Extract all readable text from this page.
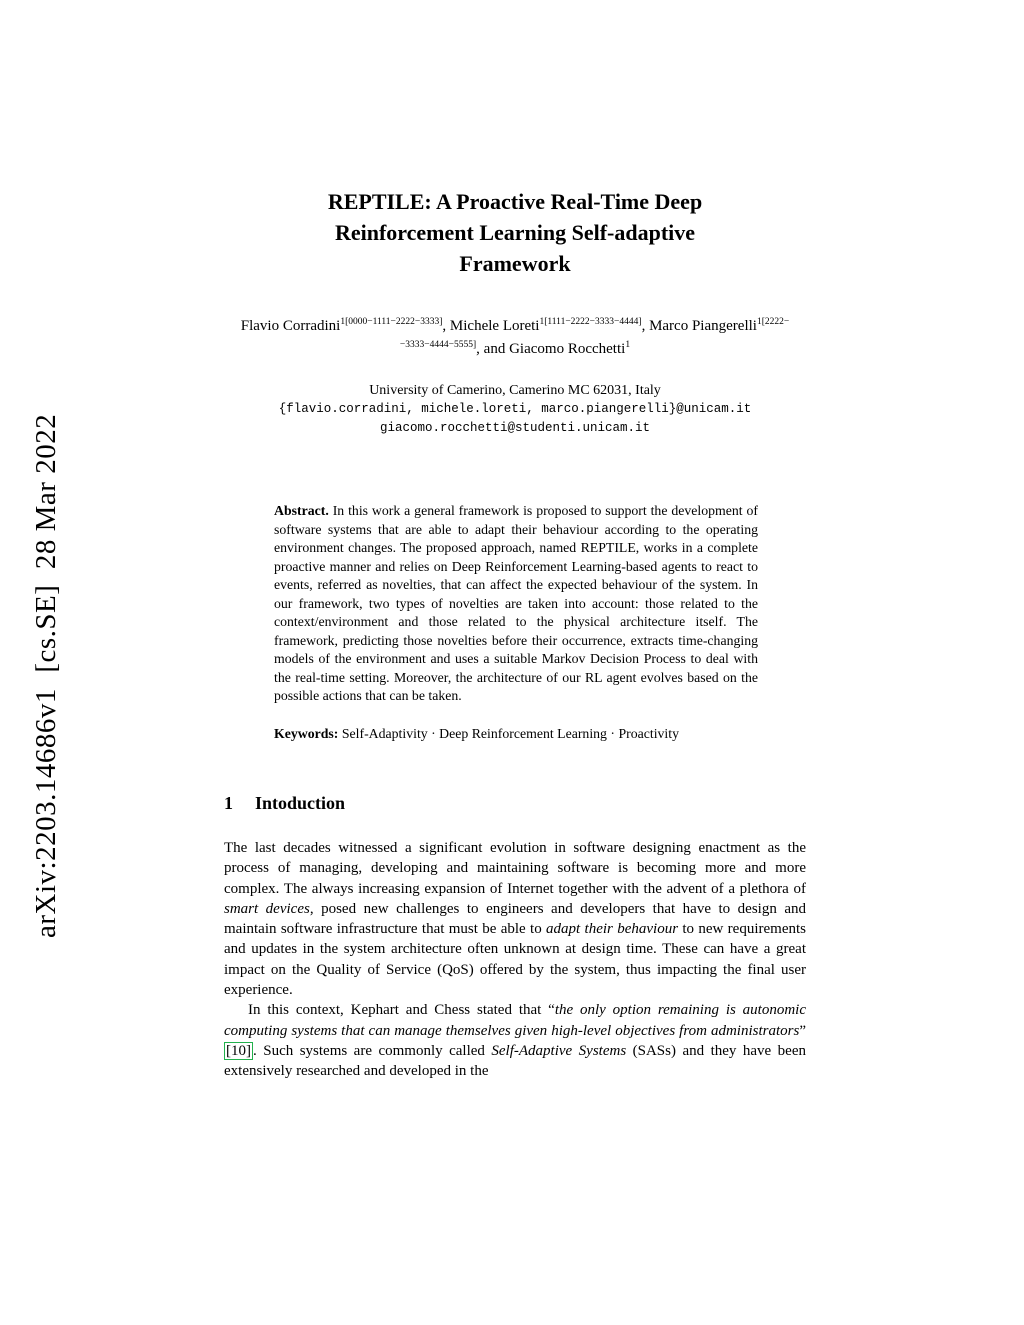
arXiv:2203.14686v1  [cs.SE]  28 Mar 2022
REPTILE: A Proactive Real-Time Deep
Reinforcement Learning Self-adaptive
Framework
Flavio Corradini$^{1[0000-1111-2222-3333]}$, Michele Loreti$^{1[1111-2222-3333-4444]}$, Marco Piangerelli$^{1[2222--3333-4444-5555]}$, and Giacomo Rocchetti$^1$
University of Camerino, Camerino MC 62031, Italy
{flavio.corradini, michele.loreti, marco.piangerelli}@unicam.it
giacomo.rocchetti@studenti.unicam.it
Abstract. In this work a general framework is proposed to support the development of software systems that are able to adapt their behaviour according to the operating environment changes. The proposed approach, named REPTILE, works in a complete proactive manner and relies on Deep Reinforcement Learning-based agents to react to events, referred as novelties, that can affect the expected behaviour of the system. In our framework, two types of novelties are taken into account: those related to the context/environment and those related to the physical architecture itself. The framework, predicting those novelties before their occurrence, extracts time-changing models of the environment and uses a suitable Markov Decision Process to deal with the real-time setting. Moreover, the architecture of our RL agent evolves based on the possible actions that can be taken.
Keywords: Self-Adaptivity · Deep Reinforcement Learning · Proactivity
1 Intoduction

The last decades witnessed a significant evolution in software designing enactment as the process of managing, developing and maintaining software is becoming more and more complex. The always increasing expansion of Internet together with the advent of a plethora of smart devices, posed new challenges to engineers and developers that have to design and maintain software infrastructure that must be able to adapt their behaviour to new requirements and updates in the system architecture often unknown at design time. These can have a great impact on the Quality of Service (QoS) offered by the system, thus impacting the final user experience.

In this context, Kephart and Chess stated that “the only option remaining is autonomic computing systems that can manage themselves given high-level objectives from administrators” [10] . Such systems are commonly called Self-Adaptive Systems (SASs) and they have been extensively researched and developed in the
